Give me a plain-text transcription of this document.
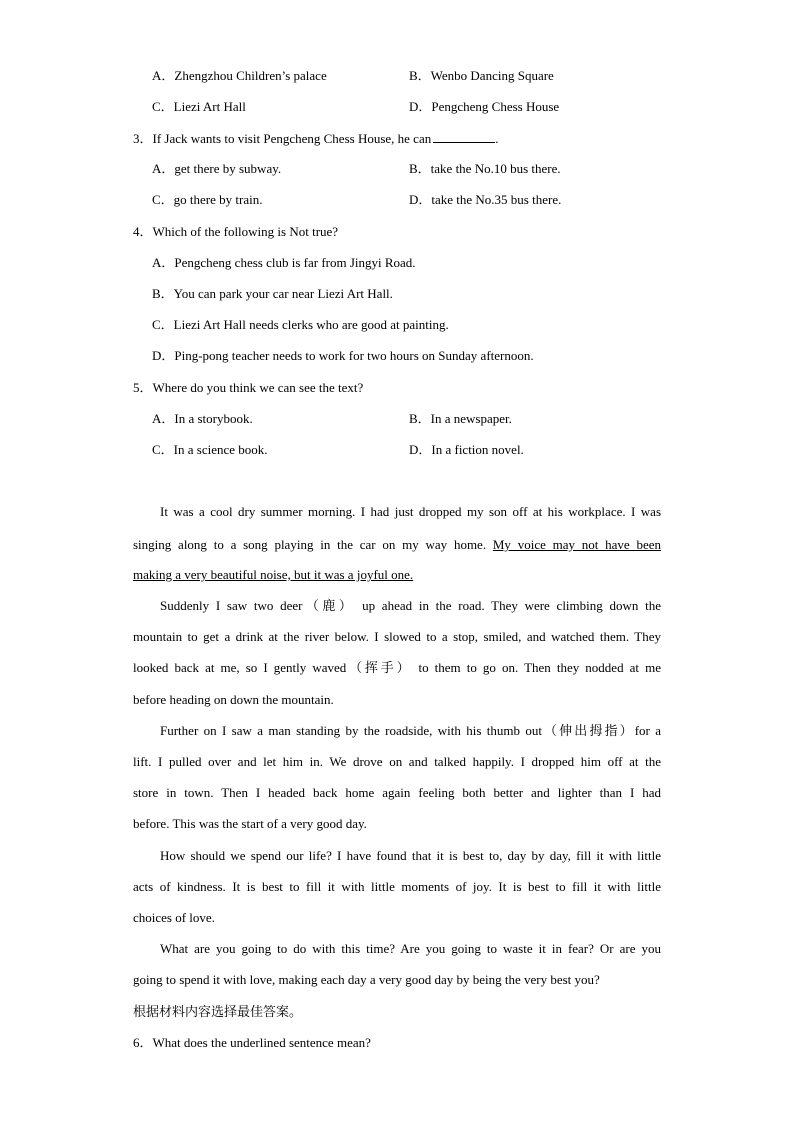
A．Zhengzhou Children’s palace	B．Wenbo Dancing Square
C．Liezi Art Hall	D．Pengcheng Chess House
3．If Jack wants to visit Pengcheng Chess House, he can	.
A．get there by subway.	B．take the No.10 bus there.
C．go there by train.	D．take the No.35 bus there.
4．Which of the following is Not true?
A．Pengcheng chess club is far from Jingyi Road.
B．You can park your car near Liezi Art Hall.
C．Liezi Art Hall needs clerks who are good at painting.
D．Ping-pong teacher needs to work for two hours on Sunday afternoon.
5．Where do you think we can see the text?
A．In a storybook.	B．In a newspaper.
C．In a science book.	D．In a fiction novel.
It was a cool dry summer morning. I had just dropped my son off at his workplace. I was
singing along to a song playing in the car on my way home. My voice may not have been
making a very beautiful noise, but it was a joyful one.
Suddenly I saw two deer（鹿） up ahead in the road. They were climbing down the
mountain to get a drink at the river below. I slowed to a stop, smiled, and watched them. They
looked back at me, so I gently waved（挥手） to them to go on. Then they nodded at me
before heading on down the mountain.
Further on I saw a man standing by the roadside, with his thumb out（伸出拇指）for a
lift. I pulled over and let him in. We drove on and talked happily. I dropped him off at the
store in town. Then I headed back home again feeling both better and lighter than I had
before. This was the start of a very good day.
How should we spend our life? I have found that it is best to, day by day, fill it with little
acts of kindness. It is best to fill it with little moments of joy. It is best to fill it with little
choices of love.
What are you going to do with this time? Are you going to waste it in fear? Or are you
going to spend it with love, making each day a very good day by being the very best you?
根据材料内容选择最佳答案。
6．What does the underlined sentence mean?
